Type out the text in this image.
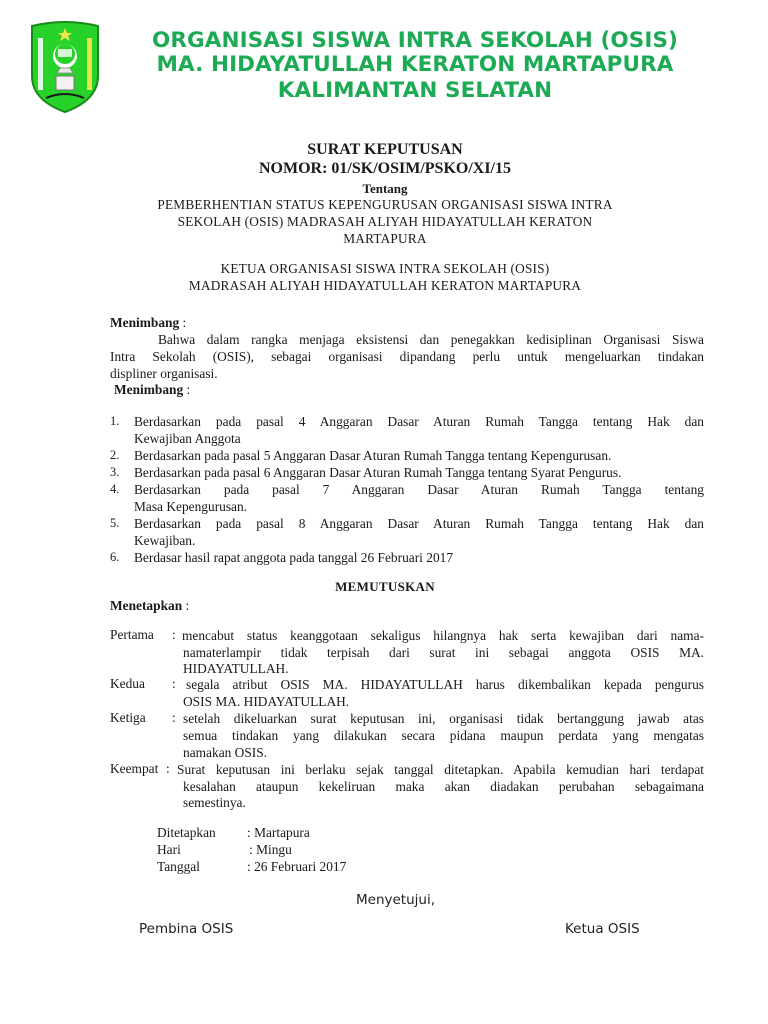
ORGANISASI SISWA INTRA SEKOLAH (OSIS)
MA. HIDAYATULLAH KERATON MARTAPURA
KALIMANTAN SELATAN
SURAT KEPUTUSAN
NOMOR: 01/SK/OSIM/PSKO/XI/15
Tentang
PEMBERHENTIAN STATUS KEPENGURUSAN ORGANISASI SISWA INTRA
SEKOLAH (OSIS) MADRASAH ALIYAH HIDAYATULLAH KERATON
MARTAPURA
KETUA ORGANISASI SISWA INTRA SEKOLAH (OSIS)
MADRASAH ALIYAH HIDAYATULLAH KERATON MARTAPURA
Menimbang :
Bahwa dalam rangka menjaga eksistensi dan penegakkan kedisiplinan Organisasi Siswa
Intra Sekolah (OSIS), sebagai organisasi dipandang perlu untuk mengeluarkan tindakan
displiner organisasi.
Menimbang :
1. Berdasarkan pada pasal 4 Anggaran Dasar Aturan Rumah Tangga tentang Hak dan
Kewajiban Anggota
2. Berdasarkan pada pasal 5 Anggaran Dasar Aturan Rumah Tangga tentang Kepengurusan.
3. Berdasarkan pada pasal 6 Anggaran Dasar Aturan Rumah Tangga tentang Syarat Pengurus.
4. Berdasarkan pada pasal 7 Anggaran Dasar Aturan Rumah Tangga tentang
Masa Kepengurusan.
5. Berdasarkan pada pasal 8 Anggaran Dasar Aturan Rumah Tangga tentang Hak dan
Kewajiban.
6. Berdasar hasil rapat anggota pada tanggal 26 Februari 2017
MEMUTUSKAN
Menetapkan :
Pertama : mencabut status keanggotaan sekaligus hilangnya hak serta kewajiban dari nama-
namaterlampir tidak terpisah dari surat ini sebagai anggota OSIS MA.
HIDAYATULLAH.
Kedua : segala atribut OSIS MA. HIDAYATULLAH harus dikembalikan kepada pengurus
OSIS MA. HIDAYATULLAH.
Ketiga : setelah dikeluarkan surat keputusan ini, organisasi tidak bertanggung jawab atas
semua tindakan yang dilakukan secara pidana maupun perdata yang mengatas
namakan OSIS.
Keempat : Surat keputusan ini berlaku sejak tanggal ditetapkan. Apabila kemudian hari terdapat
kesalahan ataupun kekeliruan maka akan diadakan perubahan sebagaimana
semestinya.
Ditetapkan : Martapura
Hari	: Mingu
Tanggal	: 26 Februari 2017
Menyetujui,
Pembina OSIS	Ketua OSIS
